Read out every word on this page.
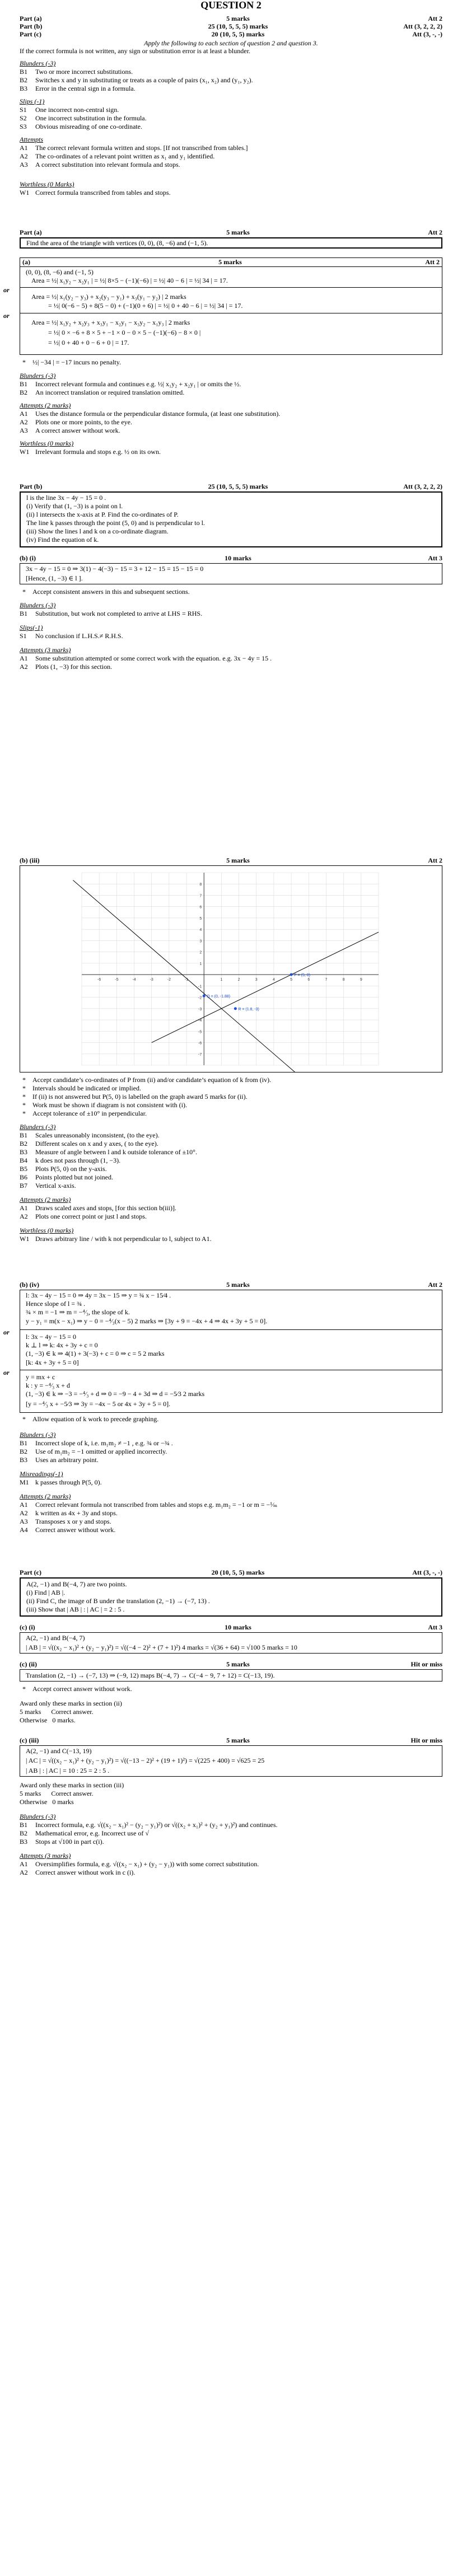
QUESTION 2
Part (a)	5 marks	Att 2
Part (b)	25 (10, 5, 5, 5) marks	Att (3, 2, 2, 2)
Part (c)	20 (10, 5, 5) marks	Att (3, -, -)
Apply the following to each section of question 2 and question 3.
If the correct formula is not written, any sign or substitution error is at least a blunder.
Blunders (-3)
B1 Two or more incorrect substitutions.
B2 Switches x and y in substituting or treats as a couple of pairs (x₁, x₂) and (y₁, y₂).
B3 Error in the central sign in a formula.
Slips (-1)
S1 One incorrect non-central sign.
S2 One incorrect substitution in the formula.
S3 Obvious misreading of one co-ordinate.
Attempts
A1 The correct relevant formula written and stops. [If not transcribed from tables.]
A2 The co-ordinates of a relevant point written as x₁ and y₁ identified.
A3 A correct substitution into relevant formula and stops.
Worthless (0 Marks)
W1 Correct formula transcribed from tables and stops.
Part (a)	5 marks	Att 2
Find the area of the triangle with vertices (0, 0), (8, −6) and (−1, 5).
(a)	5 marks	Att 2
(0, 0), (8, −6) and (−1, 5)
Area = ½| x₁y₂ − x₂y₁ | = ½| 8×5 − (−1)(−6) | = ½| 40 − 6 | = ½| 34 | = 17.
or
Area = ½| x₁(y₂ − y₃) + x₂(y₃ − y₁) + x₃(y₁ − y₂) | 2 marks
= ½| 0(−6 − 5) + 8(5 − 0) + (−1)(0 + 6) | = ½| 0 + 40 − 6 | = ½| 34 | = 17.
or
Area = ½| x₁y₂ + x₂y₃ + x₃y₁ − x₂y₁ − x₃y₂ − x₁y₃ | 2 marks
= ½| 0 × −6 + 8 × 5 + −1 × 0 − 0 × 5 − (−1)(−6) − 8 × 0 |
= ½| 0 + 40 + 0 − 6 + 0 | = 17.
*    ½| −34 | = −17 incurs no penalty.
Blunders (-3)
B1 Incorrect relevant formula and continues e.g. ½| x₁y₂ + x₂y₁ | or omits the ½.
B2 An incorrect translation or required translation omitted.
Attempts (2 marks)
A1 Uses the distance formula or the perpendicular distance formula, (at least one substitution).
A2 Plots one or more points, to the eye.
A3 A correct answer without work.
Worthless (0 marks)
W1 Irrelevant formula and stops e.g. ½ on its own.
Part (b)	25 (10, 5, 5, 5) marks	Att (3, 2, 2, 2)
l is the line 3x − 4y − 15 = 0 .
(i) Verify that (1, −3) is a point on l.
(ii) l intersects the x-axis at P. Find the co-ordinates of P.
The line k passes through the point (5, 0) and is perpendicular to l.
(iii) Show the lines l and k on a co-ordinate diagram.
(iv) Find the equation of k.
(b) (i)	10 marks	Att 3
3x − 4y − 15 = 0 ⇒ 3(1) − 4(−3) − 15 = 3 + 12 − 15 = 15 − 15 = 0
[Hence, (1, −3) ∈ l ].
*    Accept consistent answers in this and subsequent sections.
Blunders (-3)
B1 Substitution, but work not completed to arrive at LHS = RHS.
Slips(-1)
S1 No conclusion if L.H.S.≠ R.H.S.
Attempts (3 marks)
A1 Some substitution attempted or some correct work with the equation. e.g. 3x − 4y = 15 .
A2 Plots (1, −3) for this section.
(b) (iii)	5 marks	Att 2
-6	-5	-4	-3	-2	-1	1	2	3	4	5	6	7	8	9
8
7
6
5
4
3
2
1
-1
-2
-3
-4
-5
-6
-7
Q = (0, -1.88)
P = (5, 0)
R = (1.8, -3)
*    Accept candidate’s co-ordinates of P from (ii) and/or candidate’s equation of k from (iv).
*    Intervals should be indicated or implied.
*    If (ii) is not answered but P(5, 0) is labelled on the graph award 5 marks for (ii).
*    Work must be shown if diagram is not consistent with (i).
*    Accept tolerance of ±10° in perpendicular.
Blunders (-3)
B1 Scales unreasonably inconsistent, (to the eye).
B2 Different scales on x and y axes, ( to the eye).
B3 Measure of angle between l and k outside tolerance of ±10°.
B4 k does not pass through (1, −3).
B5 Plots P(5, 0) on the y-axis.
B6 Points plotted but not joined.
B7 Vertical x-axis.
Attempts (2 marks)
A1 Draws scaled axes and stops, [for this section b(iii)].
A2 Plots one correct point or just l and stops.
Worthless (0 marks)
W1 Draws arbitrary line / with k not perpendicular to l, subject to A1.
(b) (iv)	5 marks	Att 2
l: 3x − 4y − 15 = 0 ⇒ 4y = 3x − 15 ⇒ y = ¾ x − 15⁄4 .
Hence slope of l = ¾ .
¾ × m = −1 ⇒ m = −⁴⁄₃, the slope of k.
y − y₁ = m(x − x₁) ⇒ y − 0 = −⁴⁄₃(x − 5) 2 marks ⇒ [3y + 9 = −4x + 4 ⇒ 4x + 3y + 5 = 0].
or
l: 3x − 4y − 15 = 0
k ⊥ l ⇒ k: 4x + 3y + c = 0
(1, −3) ∈ k ⇒ 4(1) + 3(−3) + c = 0 ⇒ c = 5 2 marks
[k: 4x + 3y + 5 = 0]
or
y = mx + c
k : y = −⁴⁄₃ x + d
(1, −3) ∈ k ⇒ −3 = −⁴⁄₃ + d ⇒ 0 = −9 − 4 + 3d ⇒ d = −5⁄3 2 marks
[y = −⁴⁄₃ x + −5⁄3 ⇒ 3y = −4x − 5 or 4x + 3y + 5 = 0].
*    Allow equation of k work to precede graphing.
Blunders (-3)
B1 Incorrect slope of k, i.e. m₁m₂ ≠ −1 , e.g. ¾ or −¾ .
B2 Use of m₁m₂ = −1 omitted or applied incorrectly.
B3 Uses an arbitrary point.
Misreadings(-1)
M1 k passes through P(5, 0).
Attempts (2 marks)
A1 Correct relevant formula not transcribed from tables and stops e.g. m₁m₂ = −1 or m = −¹⁄ₘ
A2 k written as 4x + 3y and stops.
A3 Transposes x or y and stops.
A4 Correct answer without work.
Part (c)	20 (10, 5, 5) marks	Att (3, -, -)
A(2, −1) and B(−4, 7) are two points.
(i) Find | AB |.
(ii) Find C, the image of B under the translation (2, −1) → (−7, 13) .
(iii) Show that | AB | : | AC | = 2 : 5 .
(c) (i)	10 marks	Att 3
A(2, −1) and B(−4, 7)
| AB | = √((x₂ − x₁)² + (y₂ − y₁)²) = √((−4 − 2)² + (7 + 1)²) 4 marks = √(36 + 64) = √100 5 marks = 10
(c) (ii)	5 marks	Hit or miss
Translation (2, −1) → (−7, 13) ⇒ (−9, 12) maps B(−4, 7) → C(−4 − 9, 7 + 12) = C(−13, 19).
*    Accept correct answer without work.
Award only these marks in section (ii)
5 marks      Correct answer.
Otherwise   0 marks.
(c) (iii)	5 marks	Hit or miss
A(2, −1) and C(−13, 19)
| AC | = √((x₂ − x₁)² + (y₂ − y₁)²) = √((−13 − 2)² + (19 + 1)²) = √(225 + 400) = √625 = 25
| AB | : | AC | = 10 : 25 = 2 : 5 .
Award only these marks in section (iii)
5 marks      Correct answer.
Otherwise   0 marks
Blunders (-3)
B1 Incorrect formula, e.g. √((x₂ − x₁)² − (y₂ − y₁)²) or √((x₂ + x₁)² + (y₂ + y₁)²) and continues.
B2 Mathematical error, e.g. Incorrect use of √
B3 Stops at √100 in part c(i).
Attempts (3 marks)
A1 Oversimplifies formula, e.g. √((x₂ − x₁) + (y₂ − y₁)) with some correct substitution.
A2 Correct answer without work in c (i).
